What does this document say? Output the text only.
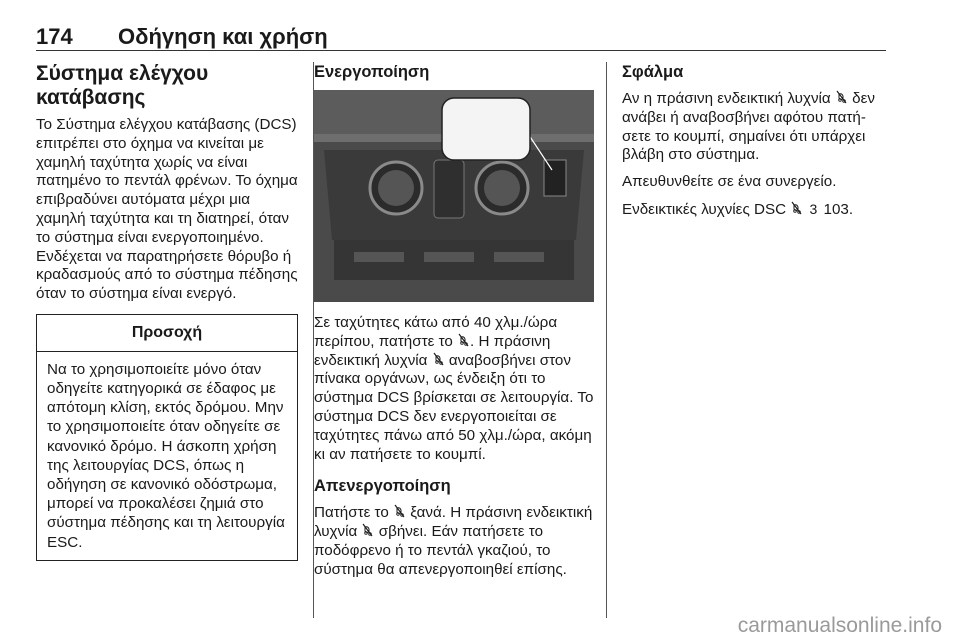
174 Οδήγηση και χρήση
Σύστημα ελέγχου κατάβασης

Το Σύστημα ελέγχου κατάβασης (DCS) επιτρέπει στο όχημα να κινείται με χαμηλή ταχύτητα χωρίς να είναι πατημένο το πεντάλ φρένων. Το όχημα επιβραδύνει αυτόματα μέχρι μια χαμηλή ταχύτητα και τη διατηρεί, όταν το σύστημα είναι ενεργοποιημένο. Ενδέχεται να παρατηρήσετε θόρυβο ή κραδασμούς από το σύστημα πέδησης όταν το σύστημα είναι ενεργό.

Προσοχή
Να το χρησιμοποιείτε μόνο όταν οδηγείτε κατηγορικά σε έδαφος με απότομη κλίση, εκτός δρόμου. Μην το χρησιμοποιείτε όταν οδηγείτε σε κανονικό δρόμο. Η άσκοπη χρήση της λειτουργίας DCS, όπως η οδήγηση σε κανονικό οδόστρωμα, μπορεί να προκαλέσει ζημιά στο σύστημα πέδησης και τη λειτουργία ESC.
Ενεργοποίηση

Σε ταχύτητες κάτω από 40 χλμ./ώρα περίπου, πατήστε το . Η πράσινη ενδεικτική λυχνία  αναβοσβήνει στον πίνακα οργάνων, ως ένδειξη ότι το σύστημα DCS βρίσκεται σε λειτουργία. Το σύστημα DCS δεν ενεργοποιείται σε ταχύτητες πάνω από 50 χλμ./ώρα, ακόμη κι αν πατήσετε το κουμπί.

Απενεργοποίηση

Πατήστε το  ξανά. Η πράσινη ενδεικτική λυχνία  σβήνει. Εάν πατήσετε το ποδόφρενο ή το πεντάλ γκαζιού, το σύστημα θα απενεργοποιηθεί επίσης.

Σφάλμα

Αν η πράσινη ενδεικτική λυχνία  δεν ανάβει ή αναβοσβήνει αφότου πατήσετε το κουμπί, σημαίνει ότι υπάρχει βλάβη στο σύστημα.

Απευθυνθείτε σε ένα συνεργείο.

Ενδεικτικές λυχνίες DSC  3 103.

carmanualsonline.info
